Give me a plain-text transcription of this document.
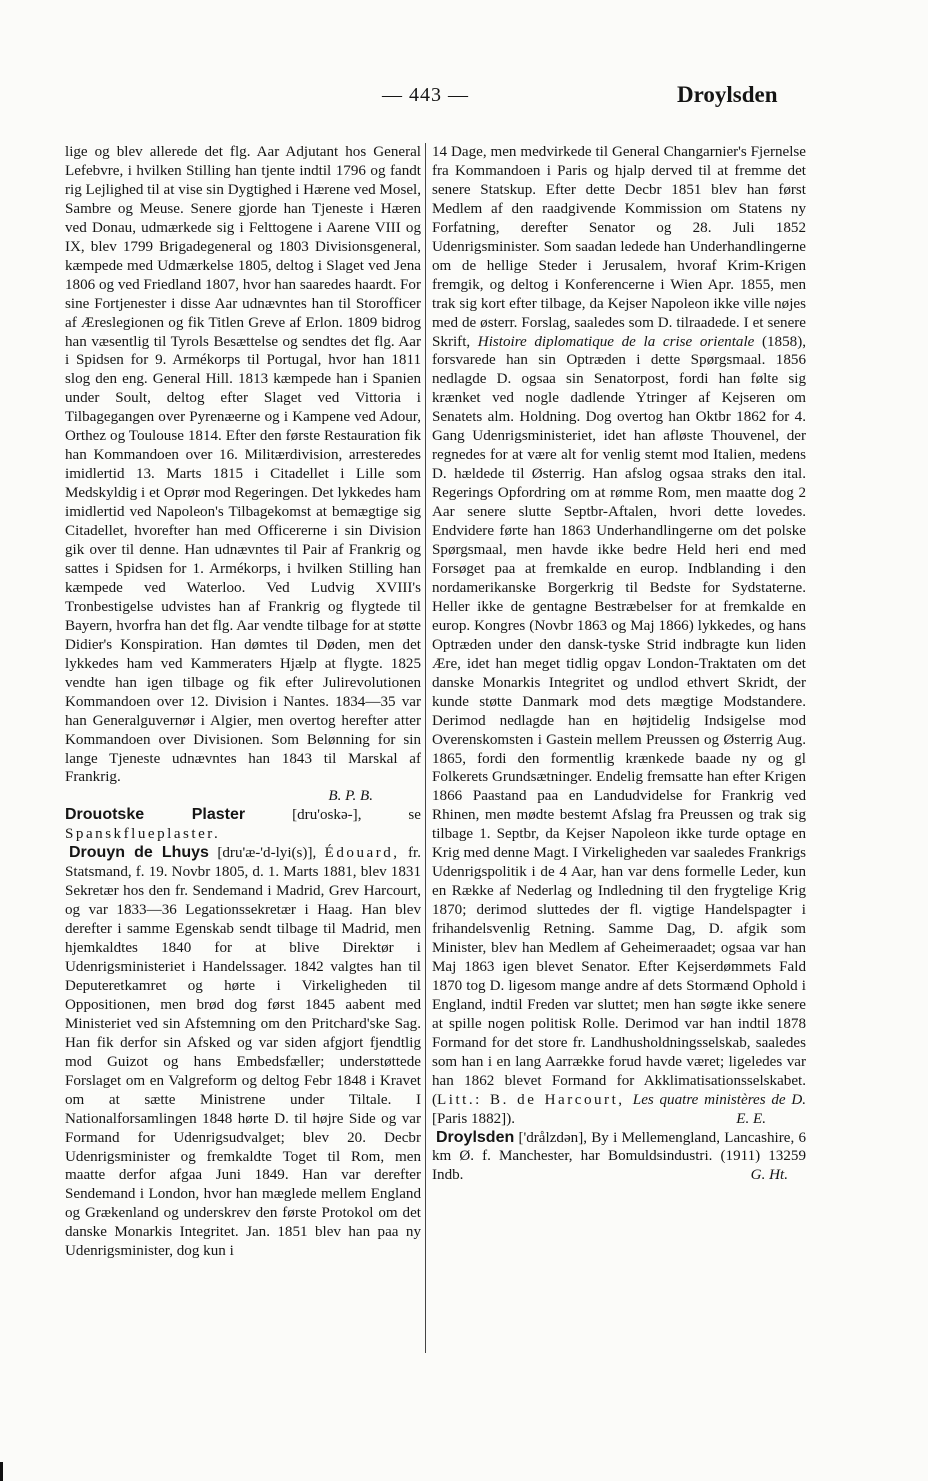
— 443 —	Droylsden

lige og blev allerede det flg. Aar Adjutant hos General Lefebvre, i hvilken Stilling han tjente indtil 1796 og fandt rig Lejlighed til at vise sin Dygtighed i Hærene ved Mosel, Sambre og Meuse. Senere gjorde han Tjeneste i Hæren ved Donau, udmærkede sig i Felttogene i Aarene VIII og IX, blev 1799 Brigadegeneral og 1803 Divisionsgeneral, kæmpede med Udmærkelse 1805, deltog i Slaget ved Jena 1806 og ved Friedland 1807, hvor han saaredes haardt. For sine Fortjenester i disse Aar udnævntes han til Storofficer af Æreslegionen og fik Titlen Greve af Erlon. 1809 bidrog han væsentlig til Tyrols Besættelse og sendtes det flg. Aar i Spidsen for 9. Armékorps til Portugal, hvor han 1811 slog den eng. General Hill. 1813 kæmpede han i Spanien under Soult, deltog efter Slaget ved Vittoria i Tilbagegangen over Pyrenæerne og i Kampene ved Adour, Orthez og Toulouse 1814. Efter den første Restauration fik han Kommandoen over 16. Militærdivision, arresteredes imidlertid 13. Marts 1815 i Citadellet i Lille som Medskyldig i et Oprør mod Regeringen. Det lykkedes ham imidlertid ved Napoleon's Tilbagekomst at bemægtige sig Citadellet, hvorefter han med Officererne i sin Division gik over til denne. Han udnævntes til Pair af Frankrig og sattes i Spidsen for 1. Armékorps, i hvilken Stilling han kæmpede ved Waterloo. Ved Ludvig XVIII's Tronbestigelse udvistes han af Frankrig og flygtede til Bayern, hvorfra han det flg. Aar vendte tilbage for at støtte Didier's Konspiration. Han dømtes til Døden, men det lykkedes ham ved Kammeraters Hjælp at flygte. 1825 vendte han igen tilbage og fik efter Julirevolutionen Kommandoen over 12. Division i Nantes. 1834—35 var han Generalguvernør i Algier, men overtog herefter atter Kommandoen over Divisionen. Som Belønning for sin lange Tjeneste udnævntes han 1843 til Marskal af Frankrig.

B. P. B.

Drouotske Plaster [dru'oskə-], se Spanskflueplaster.

Drouyn de Lhuys [dru'æ-'d-lyi(s)], Édouard, fr. Statsmand, f. 19. Novbr 1805, d. 1. Marts 1881, blev 1831 Sekretær hos den fr. Sendemand i Madrid, Grev Harcourt, og var 1833—36 Legationssekretær i Haag. Han blev derefter i samme Egenskab sendt tilbage til Madrid, men hjemkaldtes 1840 for at blive Direktør i Udenrigsministeriet i Handelssager. 1842 valgtes han til Deputeretkamret og hørte i Virkeligheden til Oppositionen, men brød dog først 1845 aabent med Ministeriet ved sin Afstemning om den Pritchard'ske Sag. Han fik derfor sin Afsked og var siden afgjort fjendtlig mod Guizot og hans Embedsfæller; understøttede Forslaget om en Valgreform og deltog Febr 1848 i Kravet om at sætte Ministrene under Tiltale. I Nationalforsamlingen 1848 hørte D. til højre Side og var Formand for Udenrigsudvalget; blev 20. Decbr Udenrigsminister og fremkaldte Toget til Rom, men maatte derfor afgaa Juni 1849. Han var derefter Sendemand i London, hvor han mæglede mellem England og Grækenland og underskrev den første Protokol om det danske Monarkis Integritet. Jan. 1851 blev han paa ny Udenrigsminister, dog kun i

14 Dage, men medvirkede til General Changarnier's Fjernelse fra Kommandoen i Paris og hjalp derved til at fremme det senere Statskup. Efter dette Decbr 1851 blev han først Medlem af den raadgivende Kommission om Statens ny Forfatning, derefter Senator og 28. Juli 1852 Udenrigsminister. Som saadan ledede han Underhandlingerne om de hellige Steder i Jerusalem, hvoraf Krim-Krigen fremgik, og deltog i Konferencerne i Wien Apr. 1855, men trak sig kort efter tilbage, da Kejser Napoleon ikke ville nøjes med de østerr. Forslag, saaledes som D. tilraadede. I et senere Skrift, Histoire diplomatique de la crise orientale (1858), forsvarede han sin Optræden i dette Spørgsmaal. 1856 nedlagde D. ogsaa sin Senatorpost, fordi han følte sig krænket ved nogle dadlende Ytringer af Kejseren om Senatets alm. Holdning. Dog overtog han Oktbr 1862 for 4. Gang Udenrigsministeriet, idet han afløste Thouvenel, der regnedes for at være alt for venlig stemt mod Italien, medens D. hældede til Østerrig. Han afslog ogsaa straks den ital. Regerings Opfordring om at rømme Rom, men maatte dog 2 Aar senere slutte Septbr-Aftalen, hvori dette lovedes. Endvidere førte han 1863 Underhandlingerne om det polske Spørgsmaal, men havde ikke bedre Held heri end med Forsøget paa at fremkalde en europ. Indblanding i den nordamerikanske Borgerkrig til Bedste for Sydstaterne. Heller ikke de gentagne Bestræbelser for at fremkalde en europ. Kongres (Novbr 1863 og Maj 1866) lykkedes, og hans Optræden under den dansk-tyske Strid indbragte kun liden Ære, idet han meget tidlig opgav London-Traktaten om det danske Monarkis Integritet og undlod ethvert Skridt, der kunde støtte Danmark mod dets mægtige Modstandere. Derimod nedlagde han en højtidelig Indsigelse mod Overenskomsten i Gastein mellem Preussen og Østerrig Aug. 1865, fordi den formentlig krænkede baade ny og gl Folkerets Grundsætninger. Endelig fremsatte han efter Krigen 1866 Paastand paa en Landudvidelse for Frankrig ved Rhinen, men mødte bestemt Afslag fra Preussen og trak sig tilbage 1. Septbr, da Kejser Napoleon ikke turde optage en Krig med denne Magt. I Virkeligheden var saaledes Frankrigs Udenrigspolitik i de 4 Aar, han var dens formelle Leder, kun en Række af Nederlag og Indledning til den frygtelige Krig 1870; derimod sluttedes der fl. vigtige Handelspagter i frihandelsvenlig Retning. Samme Dag, D. afgik som Minister, blev han Medlem af Geheimeraadet; ogsaa var han Maj 1863 igen blevet Senator. Efter Kejserdømmets Fald 1870 tog D. ligesom mange andre af dets Stormænd Ophold i England, indtil Freden var sluttet; men han søgte ikke senere at spille nogen politisk Rolle. Derimod var han indtil 1878 Formand for det store fr. Landhusholdningsselskab, saaledes som han i en lang Aarrække forud havde været; ligeledes var han 1862 blevet Formand for Akklimatisationsselskabet. (Litt.: B. de Harcourt, Les quatre ministères de D. [Paris 1882]).	E. E.

Droylsden ['drålzdən], By i Mellemengland, Lancashire, 6 km Ø. f. Manchester, har Bomuldsindustri. (1911) 13259 Indb.	G. Ht.
